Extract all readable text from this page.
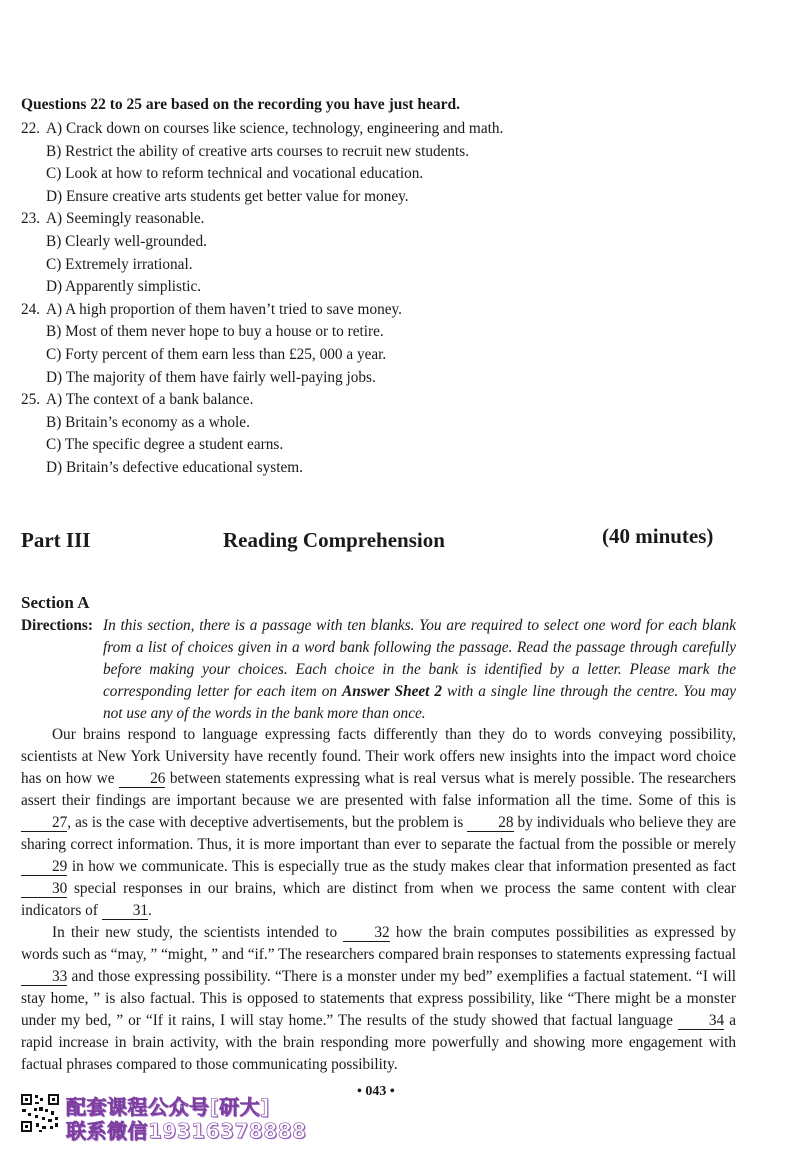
Questions 22 to 25 are based on the recording you have just heard.
22. A) Crack down on courses like science, technology, engineering and math.
B) Restrict the ability of creative arts courses to recruit new students.
C) Look at how to reform technical and vocational education.
D) Ensure creative arts students get better value for money.
23. A) Seemingly reasonable.
B) Clearly well-grounded.
C) Extremely irrational.
D) Apparently simplistic.
24. A) A high proportion of them haven’t tried to save money.
B) Most of them never hope to buy a house or to retire.
C) Forty percent of them earn less than £25, 000 a year.
D) The majority of them have fairly well-paying jobs.
25. A) The context of a bank balance.
B) Britain’s economy as a whole.
C) The specific degree a student earns.
D) Britain’s defective educational system.
Part III	Reading Comprehension	(40 minutes)
Section A
Directions: In this section, there is a passage with ten blanks. You are required to select one word for each blank from a list of choices given in a word bank following the passage. Read the passage through carefully before making your choices. Each choice in the bank is identified by a letter. Please mark the corresponding letter for each item on Answer Sheet 2 with a single line through the centre. You may not use any of the words in the bank more than once.

Our brains respond to language expressing facts differently than they do to words conveying possibility, scientists at New York University have recently found. Their work offers new insights into the impact word choice has on how we 26 between statements expressing what is real versus what is merely possible. The researchers assert their findings are important because we are presented with false information all the time. Some of this is 27, as is the case with deceptive advertisements, but the problem is 28 by individuals who believe they are sharing correct information. Thus, it is more important than ever to separate the factual from the possible or merely 29 in how we communicate. This is especially true as the study makes clear that information presented as fact 30 special responses in our brains, which are distinct from when we process the same content with clear indicators of 31.

In their new study, the scientists intended to 32 how the brain computes possibilities as expressed by words such as “may, ” “might, ” and “if.” The researchers compared brain responses to statements expressing factual 33 and those expressing possibility. “There is a monster under my bed” exemplifies a factual statement. “I will stay home, ” is also factual. This is opposed to statements that express possibility, like “There might be a monster under my bed, ” or “If it rains, I will stay home.” The results of the study showed that factual language 34 a rapid increase in brain activity, with the brain responding more powerfully and showing more engagement with factual phrases compared to those communicating possibility.

• 043 •
配套课程公众号[研大]
联系微信19316378888
